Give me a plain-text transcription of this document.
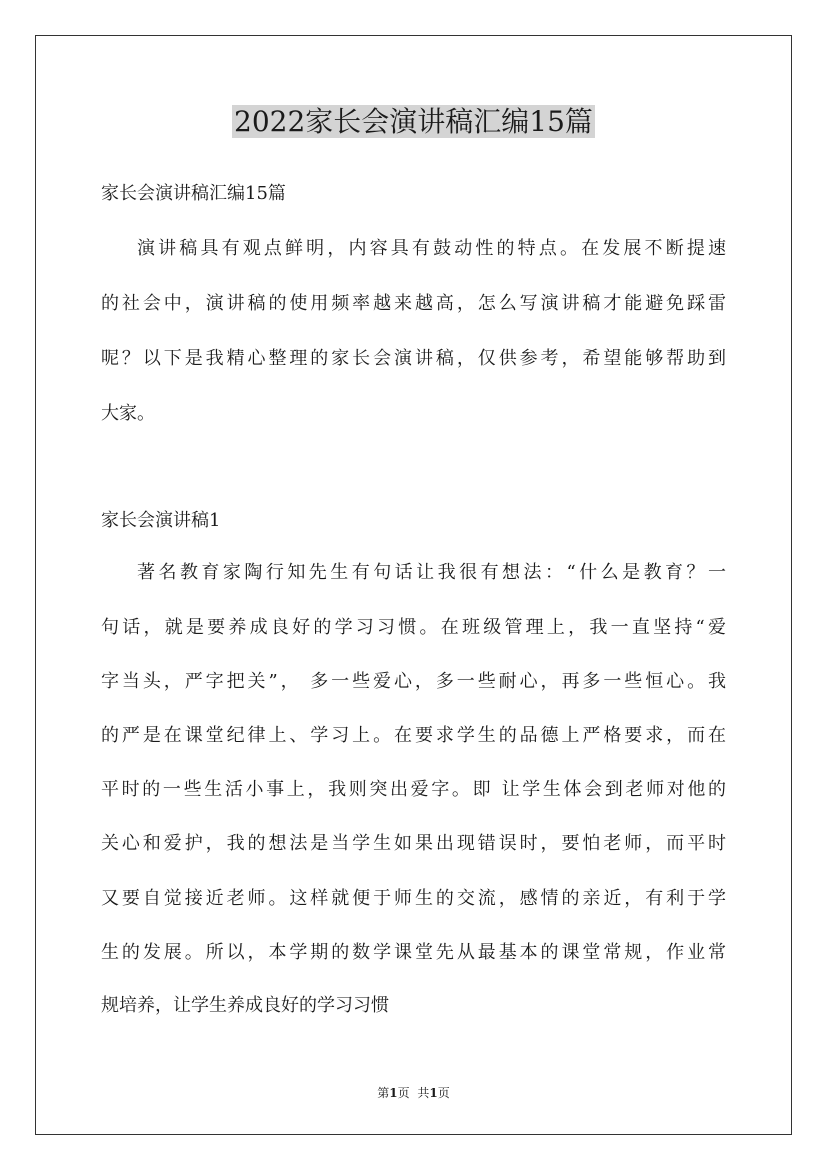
2022家长会演讲稿汇编15篇
家长会演讲稿汇编15篇
演讲稿具有观点鲜明，内容具有鼓动性的特点。在发展不断提速
的社会中，演讲稿的使用频率越来越高，怎么写演讲稿才能避免踩雷
呢？以下是我精心整理的家长会演讲稿，仅供参考，希望能够帮助到
大家。
家长会演讲稿1
著名教育家陶行知先生有句话让我很有想法：“什么是教育？一
句话，就是要养成良好的学习习惯。在班级管理上，我一直坚持“爱
字当头，严字把关”， 多一些爱心，多一些耐心，再多一些恒心。我
的严是在课堂纪律上、学习上。在要求学生的品德上严格要求，而在
平时的一些生活小事上，我则突出爱字。即 让学生体会到老师对他的
关心和爱护，我的想法是当学生如果出现错误时，要怕老师，而平时
又要自觉接近老师。这样就便于师生的交流，感情的亲近，有利于学
生的发展。所以，本学期的数学课堂先从最基本的课堂常规，作业常
规培养，让学生养成良好的学习习惯
第1页 共1页
